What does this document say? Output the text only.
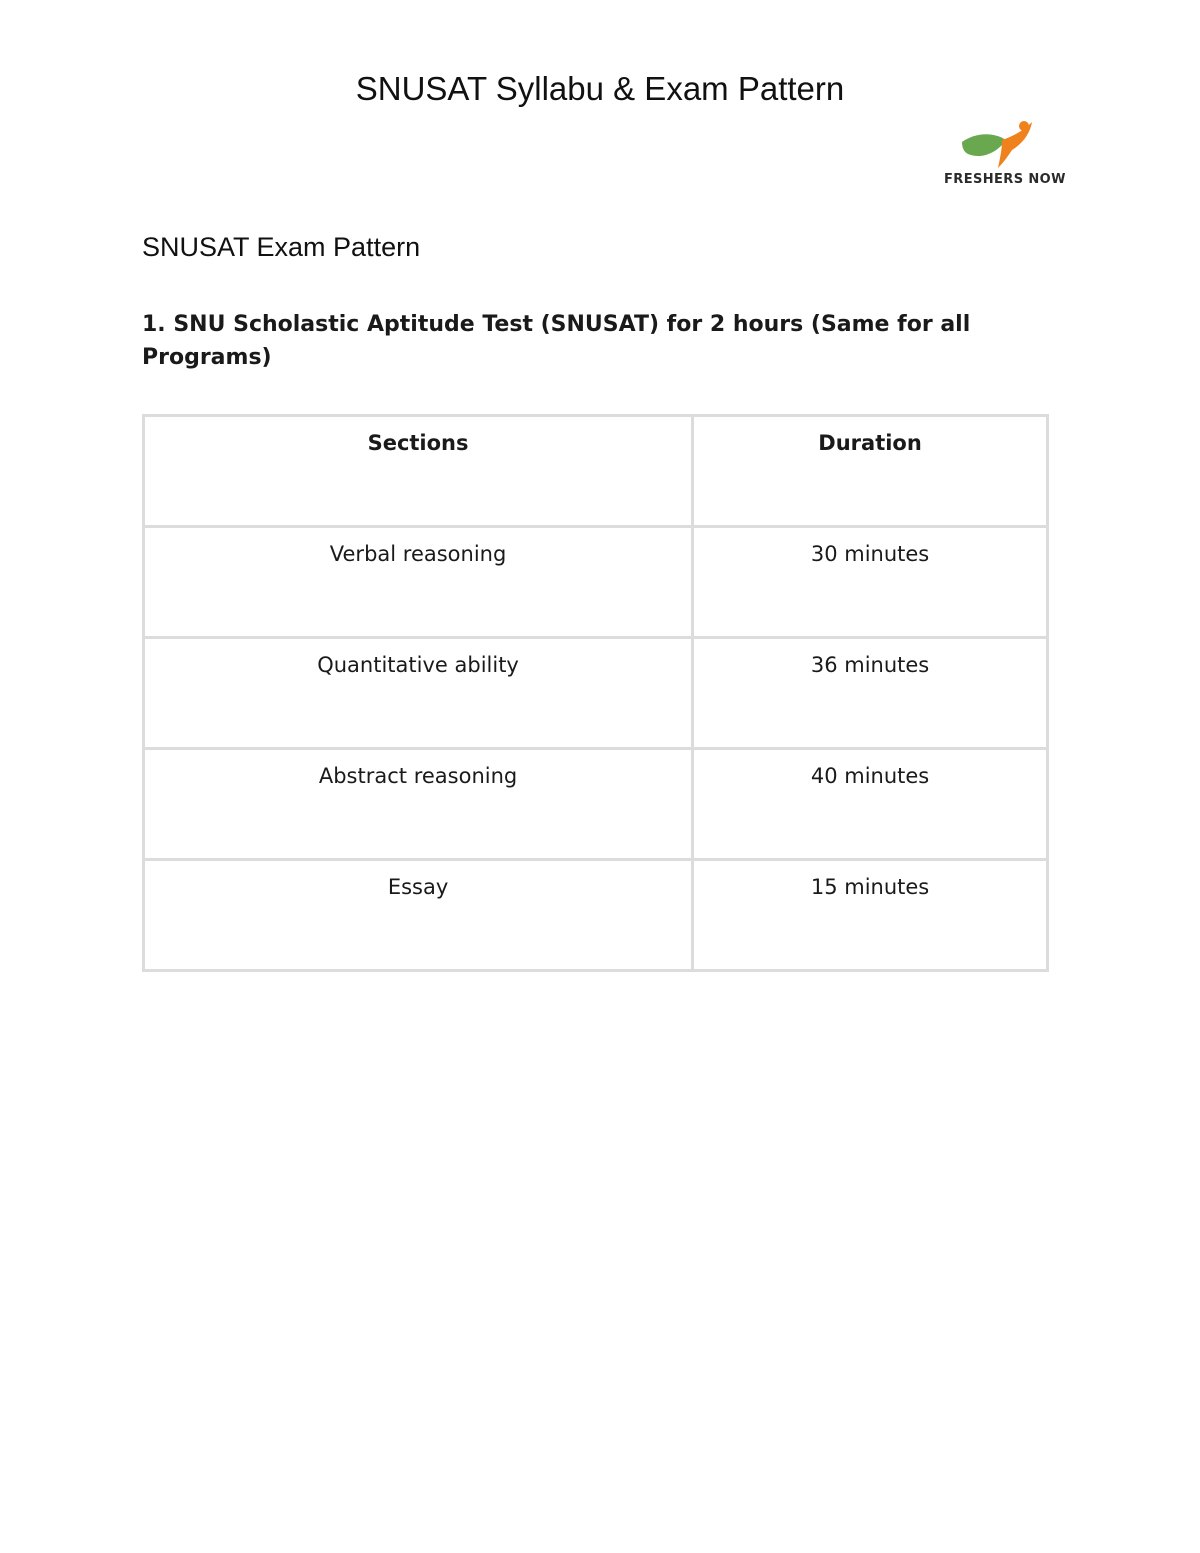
SNUSAT Syllabu & Exam Pattern
FRESHERS NOW
SNUSAT Exam Pattern

1. SNU Scholastic Aptitude Test (SNUSAT) for 2 hours (Same for all Programs)

Sections	Duration
Verbal reasoning	30 minutes
Quantitative ability	36 minutes
Abstract reasoning	40 minutes
Essay	15 minutes
